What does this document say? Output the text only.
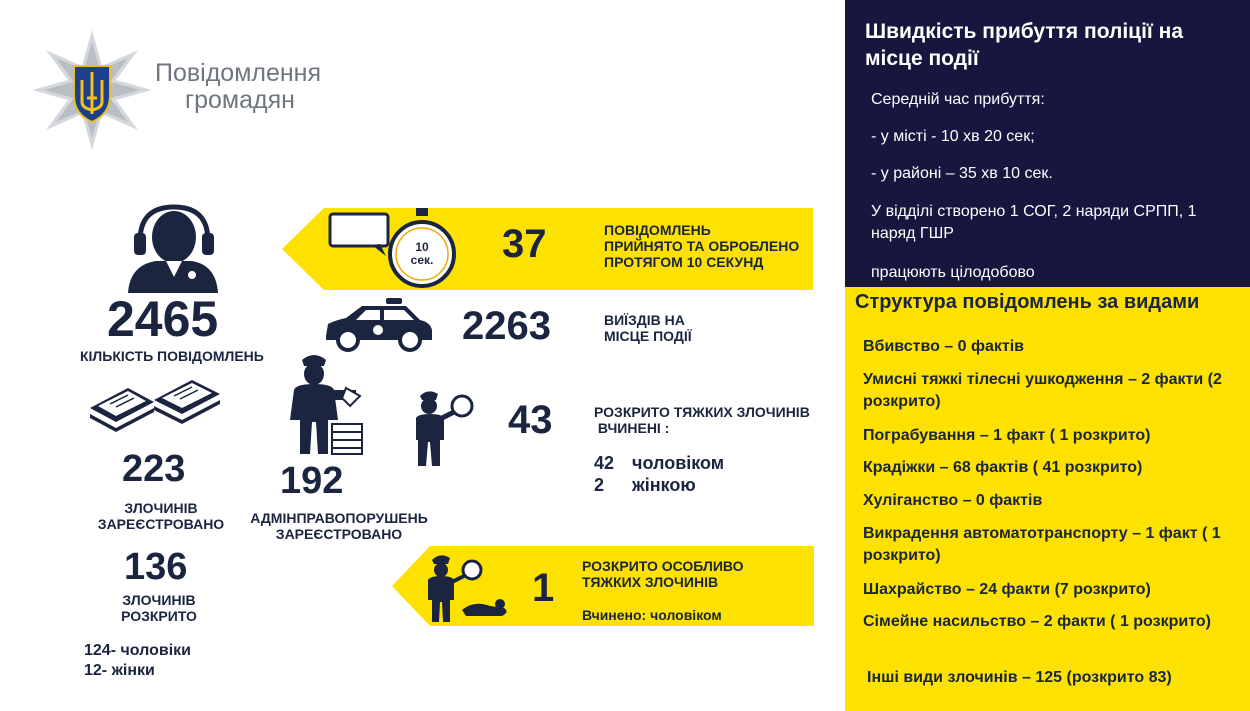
Повідомлення
громадян
Швидкість прибуття поліції на місце події
Середній час прибуття:
- у місті - 10 хв 20 сек;
- у районі – 35 хв 10 сек.
У відділі створено 1 СОГ, 2 наряди СРПП, 1 наряд ГШР
працюють цілодобово
Структура повідомлень за видами
Вбивство – 0 фактів
Умисні тяжкі тілесні ушкодження – 2 факти (2 розкрито)
Пограбування – 1 факт ( 1 розкрито)
Крадіжки – 68 фактів ( 41 розкрито)
Хуліганство – 0 фактів
Викрадення автоматотранспорту – 1 факт ( 1 розкрито)
Шахрайство – 24 факти (7 розкрито)
Сімейне насильство – 2 факти ( 1 розкрито)
Інші види злочинів – 125 (розкрито 83)
10
сек. 37	ПОВІДОМЛЕНЬ
ПРИЙНЯТО ТА ОБРОБЛЕНО
ПРОТЯГОМ 10 СЕКУНД
2465
КІЛЬКІСТЬ ПОВІДОМЛЕНЬ
2263	ВИЇЗДІВ НА
МІСЦЕ ПОДІЇ
223
ЗЛОЧИНІВ
ЗАРЕЄСТРОВАНО
192
АДМІНПРАВОПОРУШЕНЬ
ЗАРЕЄСТРОВАНО
43	РОЗКРИТО ТЯЖКИХ ЗЛОЧИНІВ
ВЧИНЕНІ :
42 чоловіком
2 жінкою
136
ЗЛОЧИНІВ
РОЗКРИТО
124- чоловіки
12- жінки
1 РОЗКРИТО ОСОБЛИВО
ТЯЖКИХ ЗЛОЧИНІВ
Вчинено: чоловіком
